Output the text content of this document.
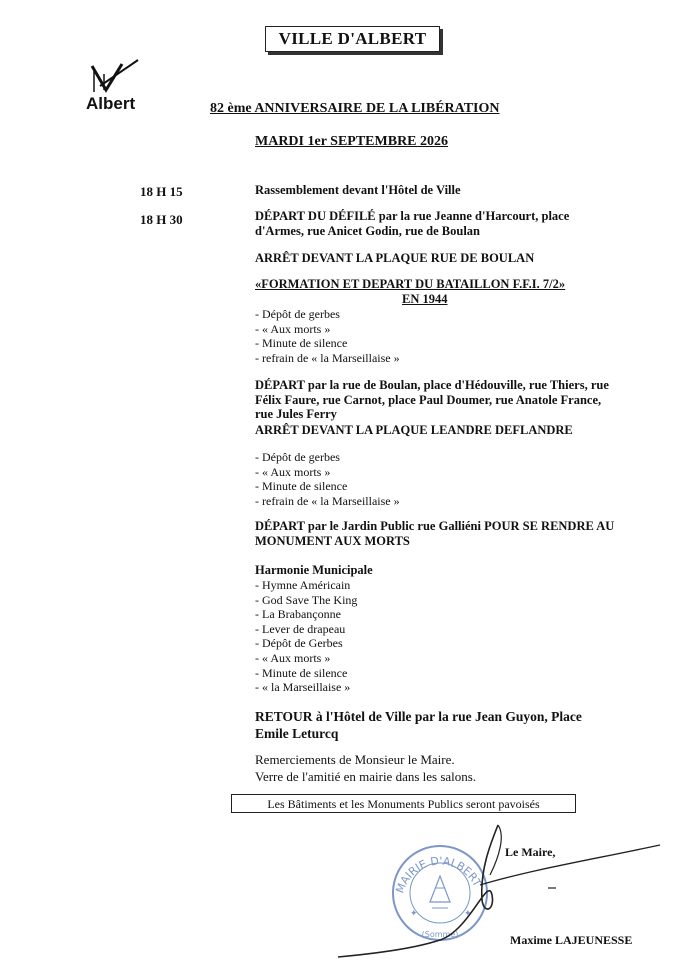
VILLE D'ALBERT
Albert	82 ème ANNIVERSAIRE DE LA LIBÉRATION
MARDI 1er SEPTEMBRE 2026
18 H 15	Rassemblement devant l'Hôtel de Ville
18 H 30	DÉPART DU DÉFILÉ par la rue Jeanne d'Harcourt, place d'Armes, rue Anicet Godin, rue de Boulan
ARRÊT DEVANT LA PLAQUE RUE DE BOULAN
«FORMATION ET DEPART DU BATAILLON F.F.I. 7/2»
EN 1944
- Dépôt de gerbes
- « Aux morts »
- Minute de silence
- refrain de « la Marseillaise »
DÉPART par la rue de Boulan, place d'Hédouville, rue Thiers, rue Félix Faure, rue Carnot, place Paul Doumer, rue Anatole France, rue Jules Ferry
ARRÊT DEVANT LA PLAQUE LEANDRE DEFLANDRE
- Dépôt de gerbes
- « Aux morts »
- Minute de silence
- refrain de « la Marseillaise »
DÉPART par le Jardin Public rue Galliéni POUR SE RENDRE AU MONUMENT AUX MORTS
Harmonie Municipale
- Hymne Américain
- God Save The King
- La Brabançonne
- Lever de drapeau
- Dépôt de Gerbes
- « Aux morts »
- Minute de silence
- « la Marseillaise »
RETOUR à l'Hôtel de Ville par la rue Jean Guyon, Place Emile Leturcq
Remerciements de Monsieur le Maire.
Verre de l'amitié en mairie dans les salons.
Les Bâtiments et les Monuments Publics seront pavoisés
Le Maire,
Maxime LAJEUNESSE
MAIRIE D'ALBERT
(Somme)
✦	✦
